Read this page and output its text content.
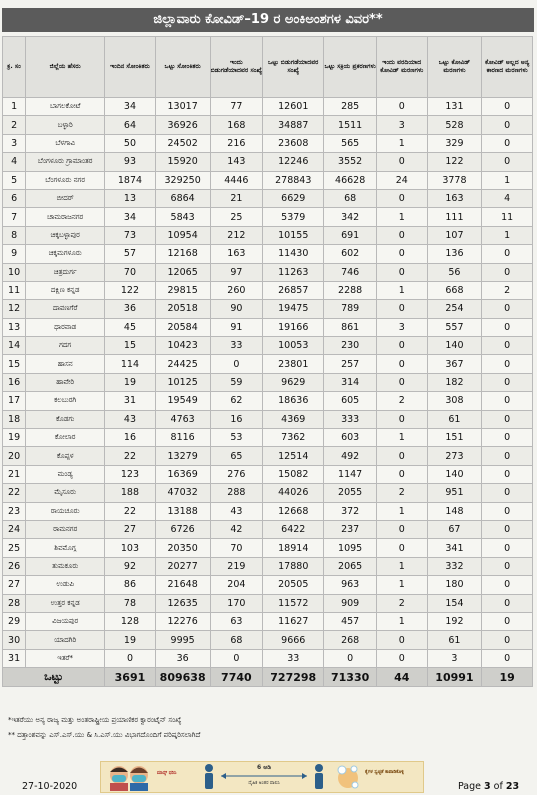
ಜಿಲ್ಲಾವಾರು ಕೋವಿಡ್–19 ರ ಅಂಕಿಅಂಶಗಳ ವಿವರ**
ಕ್ರ. ಸಂ	ಜಿಲ್ಲೆಯ ಹೆಸರು	ಇಂದಿನ ಸೋಂಕಿತರು	ಒಟ್ಟು ಸೋಂಕಿತರು	ಇಂದು ಬಿಡುಗಡೆಯಾದವರ ಸಂಖ್ಯೆ	ಒಟ್ಟು ಬಿಡುಗಡೆಯಾದವರ ಸಂಖ್ಯೆ	ಒಟ್ಟು ಸಕ್ರಿಯ ಪ್ರಕರಣಗಳು	ಇಂದು ವರದಿಯಾದ ಕೋವಿಡ್ ಮರಣಗಳು	ಒಟ್ಟು ಕೋವಿಡ್ ಮರಣಗಳು	ಕೋವಿಡ್ ಅಲ್ಲದ ಅನ್ಯ ಕಾರಣದ ಮರಣಗಳು
1	ಬಾಗಲಕೋಟೆ	34	13017	77	12601	285	0	131	0
2	ಬಳ್ಳಾರಿ	64	36926	168	34887	1511	3	528	0
3	ಬೆಳಗಾವಿ	50	24502	216	23608	565	1	329	0
4	ಬೆಂಗಳೂರು ಗ್ರಾಮಾಂತರ	93	15920	143	12246	3552	0	122	0
5	ಬೆಂಗಳೂರು ನಗರ	1874	329250	4446	278843	46628	24	3778	1
6	ಬೀದರ್	13	6864	21	6629	68	0	163	4
7	ಚಾಮರಾಜನಗರ	34	5843	25	5379	342	1	111	11
8	ಚಿಕ್ಕಬಳ್ಳಾಪುರ	73	10954	212	10155	691	0	107	1
9	ಚಿಕ್ಕಮಗಳೂರು	57	12168	163	11430	602	0	136	0
10	ಚಿತ್ರದುರ್ಗ	70	12065	97	11263	746	0	56	0
11	ದಕ್ಷಿಣ ಕನ್ನಡ	122	29815	260	26857	2288	1	668	2
12	ದಾವಣಗೆರೆ	36	20518	90	19475	789	0	254	0
13	ಧಾರವಾಡ	45	20584	91	19166	861	3	557	0
14	ಗದಗ	15	10423	33	10053	230	0	140	0
15	ಹಾಸನ	114	24425	0	23801	257	0	367	0
16	ಹಾವೇರಿ	19	10125	59	9629	314	0	182	0
17	ಕಲಬುರಗಿ	31	19549	62	18636	605	2	308	0
18	ಕೊಡಗು	43	4763	16	4369	333	0	61	0
19	ಕೋಲಾರ	16	8116	53	7362	603	1	151	0
20	ಕೊಪ್ಪಳ	22	13279	65	12514	492	0	273	0
21	ಮಂಡ್ಯ	123	16369	276	15082	1147	0	140	0
22	ಮೈಸೂರು	188	47032	288	44026	2055	2	951	0
23	ರಾಯಚೂರು	22	13188	43	12668	372	1	148	0
24	ರಾಮನಗರ	27	6726	42	6422	237	0	67	0
25	ಶಿವಮೊಗ್ಗ	103	20350	70	18914	1095	0	341	0
26	ತುಮಕೂರು	92	20277	219	17880	2065	1	332	0
27	ಉಡುಪಿ	86	21648	204	20505	963	1	180	0
28	ಉತ್ತರ ಕನ್ನಡ	78	12635	170	11572	909	2	154	0
29	ವಿಜಯಪುರ	128	12276	63	11627	457	1	192	0
30	ಯಾದಗಿರಿ	19	9995	68	9666	268	0	61	0
31	ಇತರೆ*	0	36	0	33	0	0	3	0
ಒಟ್ಟು		3691	809638	7740	727298	71330	44	10991	19
*ಇತರೆಯು ಅನ್ಯ ರಾಜ್ಯ ಮತ್ತು ಅಂತರಾಷ್ಟ್ರೀಯ ಪ್ರಯಾಣಿಕರ ಕ್ವಾರಂಟೈನ್ ಸಂಖ್ಯೆ
** ದತ್ತಾಂಶವನ್ನು ಎಸ್.ಎಸ್.ಯು & ಸಿ.ಎಸ್.ಯು ವಿಭಾಗದೊಂದಿಗೆ ಪರಿಷ್ಕರಿಸಲಾಗಿದೆ
27-10-2020
ಮಾಸ್ಕ್ ಧರಿಸಿ
6 ಅಡಿ
ದೈಹಿಕ ಅಂತರ ಪಾಲಿಸಿ
ಕೈಗಳ ಸ್ವಚ್ಛತೆ ಕಾಪಾಡಿಕೊಳ್ಳಿ
Page 3 of 23
